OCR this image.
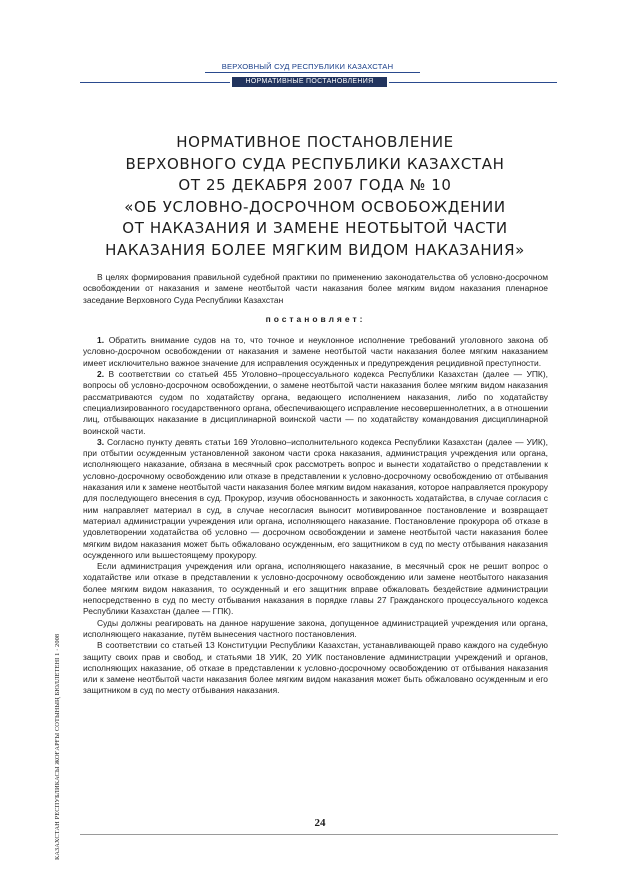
ВЕРХОВНЫЙ СУД РЕСПУБЛИКИ КАЗАХСТАН
НОРМАТИВНЫЕ ПОСТАНОВЛЕНИЯ
НОРМАТИВНОЕ ПОСТАНОВЛЕНИЕ
ВЕРХОВНОГО СУДА РЕСПУБЛИКИ КАЗАХСТАН
ОТ 25 ДЕКАБРЯ 2007 ГОДА № 10
«ОБ УСЛОВНО-ДОСРОЧНОМ ОСВОБОЖДЕНИИ
ОТ НАКАЗАНИЯ И ЗАМЕНЕ НЕОТБЫТОЙ ЧАСТИ
НАКАЗАНИЯ БОЛЕЕ МЯГКИМ ВИДОМ НАКАЗАНИЯ»

В целях формирования правильной судебной практики по применению законодательства об условно-досрочном освобождении от наказания и замене неотбытой части наказания более мягким видом наказания пленарное заседание Верховного Суда Республики Казахстан

постановляет:

1. Обратить внимание судов на то, что точное и неуклонное исполнение требований уголовного закона об условно-досрочном освобождении от наказания и замене неотбытой части наказания более мягким наказанием имеет исключительно важное значение для исправления осужденных и предупреждения рецидивной преступности.

2. В соответствии со статьей 455 Уголовно–процессуального кодекса Республики Казахстан (далее — УПК), вопросы об условно-досрочном освобождении, о замене неотбытой части наказания более мягким видом наказания рассматриваются судом по ходатайству органа, ведающего исполнением наказания, либо по ходатайству специализированного государственного органа, обеспечивающего исправление несовершеннолетних, а в отношении лиц, отбывающих наказание в дисциплинарной воинской части — по ходатайству командования дисциплинарной воинской части.

3. Согласно пункту девять статьи 169 Уголовно–исполнительного кодекса Республики Казахстан (далее — УИК), при отбытии осужденным установленной законом части срока наказания, администрация учреждения или органа, исполняющего наказание, обязана в месячный срок рассмотреть вопрос и вынести ходатайство о представлении к условно-досрочному освобождению или отказе в представлении к условно-досрочному освобождению от отбывания наказания или к замене неотбытой части наказания более мягким видом наказания, которое направляется прокурору для последующего внесения в суд. Прокурор, изучив обоснованность и законность ходатайства, в случае согласия с ним направляет материал в суд, в случае несогласия выносит мотивированное постановление и возвращает материал администрации учреждения или органа, исполняющего наказание. Постановление прокурора об отказе в удовлетворении ходатайства об условно — досрочном освобождении и замене неотбытой части наказания более мягким видом наказания может быть обжаловано осужденным, его защитником в суд по месту отбывания наказания осужденного или вышестоящему прокурору.

Если администрация учреждения или органа, исполняющего наказание, в месячный срок не решит вопрос о ходатайстве или отказе в представлении к условно-досрочному освобождению или замене неотбытого наказания более мягким видом наказания, то осужденный и его защитник вправе обжаловать бездействие администрации непосредственно в суд по месту отбывания наказания в порядке главы 27 Гражданского процессуального кодекса Республики Казахстан (далее — ГПК).

Суды должны реагировать на данное нарушение закона, допущенное администрацией учреждения или органа, исполняющего наказание, путём вынесения частного постановления.

В соответствии со статьей 13 Конституции Республики Казахстан, устанавливающей право каждого на судебную защиту своих прав и свобод, и статьями 18 УИК, 20 УИК постановление администрации учреждений и органов, исполняющих наказание, об отказе в представлении к условно-досрочному освобождению от отбывания наказания или к замене неотбытой части наказания более мягким видом наказания может быть обжаловано осужденным и его защитником в суд по месту отбывания наказания.

КАЗАХСТАН РЕСПУБЛИКАСЫ ЖОҒАРҒЫ СОТЫНЫҢ БЮЛЛЕТЕНІ 1 · 2008	24
